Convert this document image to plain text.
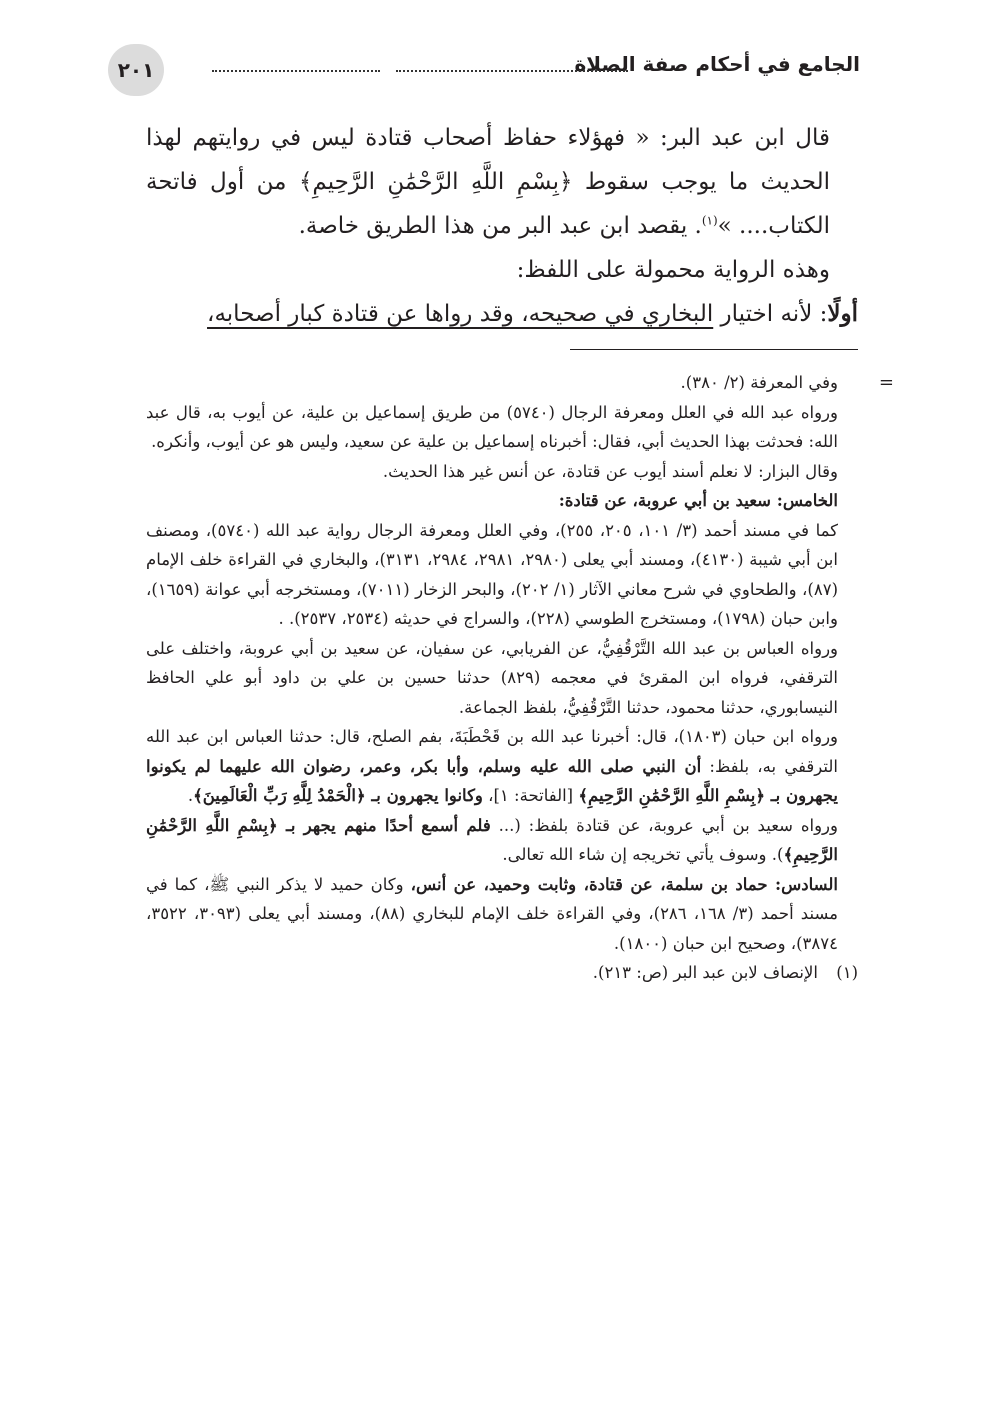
الجامع في أحكام صفة الصلاة
٢٠١

قال ابن عبد البر: « فهؤلاء حفاظ أصحاب قتادة ليس في روايتهم لهذا الحديث ما يوجب سقوط ﴿بِسْمِ اللَّهِ الرَّحْمَٰنِ الرَّحِيمِ﴾ من أول فاتحة الكتاب.... »$^{(١)}$. يقصد ابن عبد البر من هذا الطريق خاصة.

وهذه الرواية محمولة على اللفظ:

أولًا: لأنه اختيار البخاري في صحيحه، وقد رواها عن قتادة كبار أصحابه،

=

وفي المعرفة (٢/ ٣٨٠).

ورواه عبد الله في العلل ومعرفة الرجال (٥٧٤٠) من طريق إسماعيل بن علية، عن أيوب به، قال عبد الله: فحدثت بهذا الحديث أبي، فقال: أخبرناه إسماعيل بن علية عن سعيد، وليس هو عن أيوب، وأنكره.

وقال البزار: لا نعلم أسند أيوب عن قتادة، عن أنس غير هذا الحديث.

الخامس: سعيد بن أبي عروبة، عن قتادة:

كما في مسند أحمد (٣/ ١٠١، ٢٠٥، ٢٥٥)، وفي العلل ومعرفة الرجال رواية عبد الله (٥٧٤٠)، ومصنف ابن أبي شيبة (٤١٣٠)، ومسند أبي يعلى (٢٩٨٠، ٢٩٨١، ٢٩٨٤، ٣١٣١)، والبخاري في القراءة خلف الإمام (٨٧)، والطحاوي في شرح معاني الآثار (١/ ٢٠٢)، والبحر الزخار (٧٠١١)، ومستخرجه أبي عوانة (١٦٥٩)، وابن حبان (١٧٩٨)، ومستخرج الطوسي (٢٢٨)، والسراج في حديثه (٢٥٣٤، ٢٥٣٧). .

ورواه العباس بن عبد الله التَّرْقُفِيُّ، عن الفريابي، عن سفيان، عن سعيد بن أبي عروبة، واختلف على الترقفي، فرواه ابن المقرئ في معجمه (٨٢٩) حدثنا حسين بن علي بن داود أبو علي الحافظ النيسابوري، حدثنا محمود، حدثنا التَّرْقُفِيُّ، بلفظ الجماعة.

ورواه ابن حبان (١٨٠٣)، قال: أخبرنا عبد الله بن قَحْطَبَةَ، بفم الصلح، قال: حدثنا العباس ابن عبد الله الترقفي به، بلفظ: أن النبي صلى الله عليه وسلم، وأبا بكر، وعمر، رضوان الله عليهما لم يكونوا يجهرون بـ ﴿بِسْمِ اللَّهِ الرَّحْمَٰنِ الرَّحِيمِ﴾ [الفاتحة: ١]، وكانوا يجهرون بـ ﴿الْحَمْدُ لِلَّهِ رَبِّ الْعَالَمِينَ﴾.

ورواه سعيد بن أبي عروبة، عن قتادة بلفظ: (... فلم أسمع أحدًا منهم يجهر بـ ﴿بِسْمِ اللَّهِ الرَّحْمَٰنِ الرَّحِيمِ﴾). وسوف يأتي تخريجه إن شاء الله تعالى.

السادس: حماد بن سلمة، عن قتادة، وثابت وحميد، عن أنس، وكان حميد لا يذكر النبي ﷺ، كما في مسند أحمد (٣/ ١٦٨، ٢٨٦)، وفي القراءة خلف الإمام للبخاري (٨٨)، ومسند أبي يعلى (٣٠٩٣، ٣٥٢٢، ٣٨٧٤)، وصحيح ابن حبان (١٨٠٠).

(١)الإنصاف لابن عبد البر (ص: ٢١٣).
